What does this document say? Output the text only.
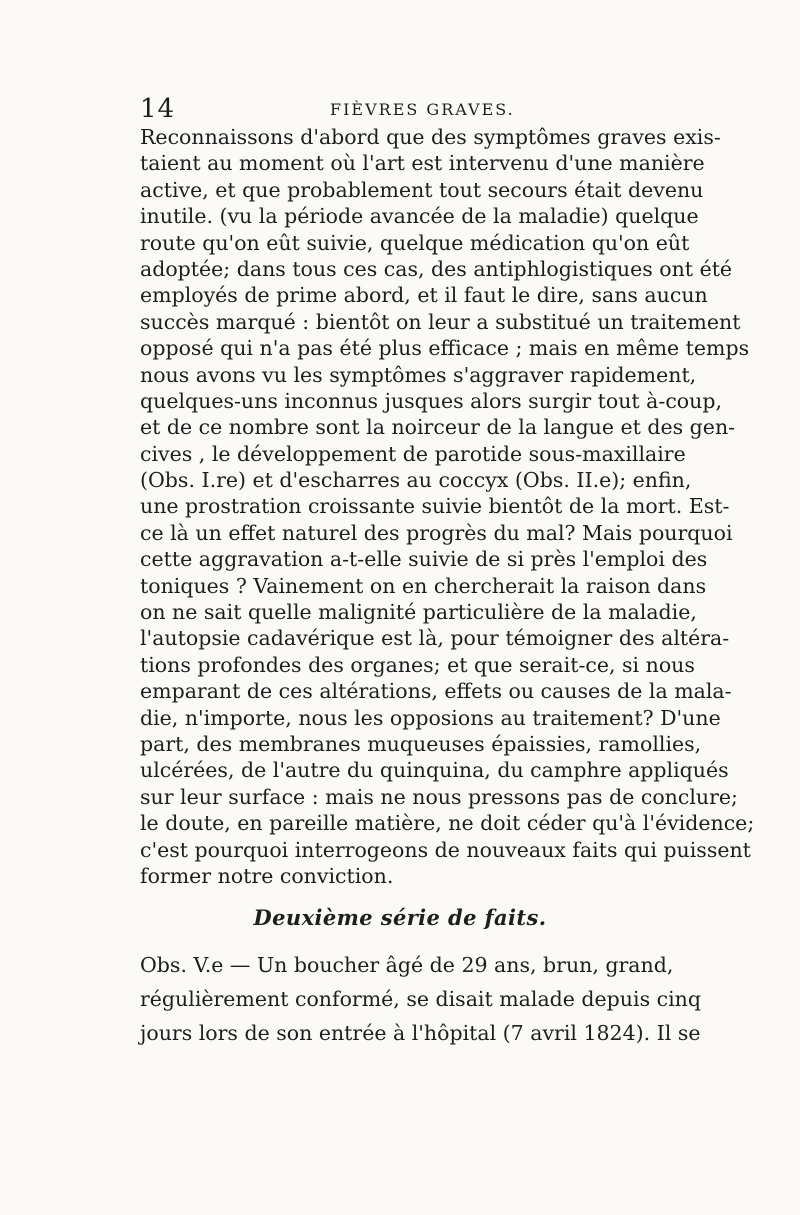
14	FIÈVRES GRAVES.
Reconnaissons d'abord que des symptômes graves exis-
taient au moment où l'art est intervenu d'une manière
active, et que probablement tout secours était devenu
inutile. (vu la période avancée de la maladie) quelque
route qu'on eût suivie, quelque médication qu'on eût
adoptée; dans tous ces cas, des antiphlogistiques ont été
employés de prime abord, et il faut le dire, sans aucun
succès marqué : bientôt on leur a substitué un traitement
opposé qui n'a pas été plus efficace ; mais en même temps
nous avons vu les symptômes s'aggraver rapidement,
quelques-uns inconnus jusques alors surgir tout à-coup,
et de ce nombre sont la noirceur de la langue et des gen-
cives , le développement de parotide sous-maxillaire
(Obs. I.re) et d'escharres au coccyx (Obs. II.e); enfin,
une prostration croissante suivie bientôt de la mort. Est-
ce là un effet naturel des progrès du mal? Mais pourquoi
cette aggravation a-t-elle suivie de si près l'emploi des
toniques ? Vainement on en chercherait la raison dans
on ne sait quelle malignité particulière de la maladie,
l'autopsie cadavérique est là, pour témoigner des altéra-
tions profondes des organes; et que serait-ce, si nous
emparant de ces altérations, effets ou causes de la mala-
die, n'importe, nous les opposions au traitement? D'une
part, des membranes muqueuses épaissies, ramollies,
ulcérées, de l'autre du quinquina, du camphre appliqués
sur leur surface : mais ne nous pressons pas de conclure;
le doute, en pareille matière, ne doit céder qu'à l'évidence;
c'est pourquoi interrogeons de nouveaux faits qui puissent
former notre conviction.
Deuxième série de faits.
Obs. V.e — Un boucher âgé de 29 ans, brun, grand,
régulièrement conformé, se disait malade depuis cinq
jours lors de son entrée à l'hôpital (7 avril 1824). Il se
